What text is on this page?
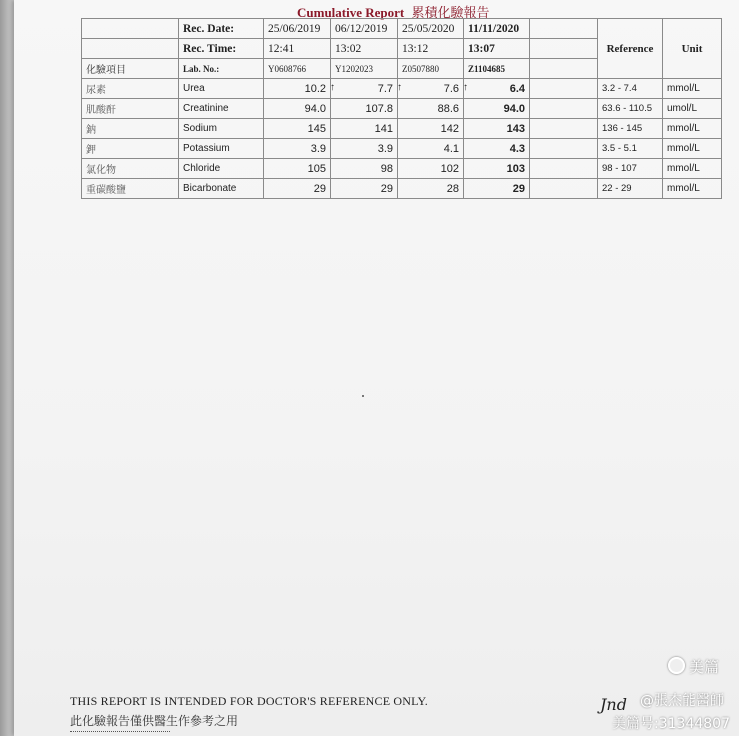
Cumulative Report 累積化驗報告
	Rec. Date:	25/06/2019	06/12/2019	25/05/2020	11/11/2020		Reference	Unit
	Rec. Time:	12:41	13:02	13:12	13:07			
化驗項目	Lab. No.:	Y0608766	Y1202023	Z0507880	Z1104685			
尿素	Urea	10.2 ↑	7.7 ↑	7.6 ↑	6.4		3.2 - 7.4	mmol/L
肌酸酐	Creatinine	94.0	107.8	88.6	94.0		63.6 - 110.5	umol/L
鈉	Sodium	145	141	142	143		136 - 145	mmol/L
鉀	Potassium	3.9	3.9	4.1	4.3		3.5 - 5.1	mmol/L
氯化物	Chloride	105	98	102	103		98 - 107	mmol/L
重碳酸鹽	Bicarbonate	29	29	28	29		22 - 29	mmol/L
THIS REPORT IS INTENDED FOR DOCTOR'S REFERENCE ONLY.
此化驗報告僅供醫生作參考之用
Jnd
美篇
@張杰能醫師
美篇号:31344807
